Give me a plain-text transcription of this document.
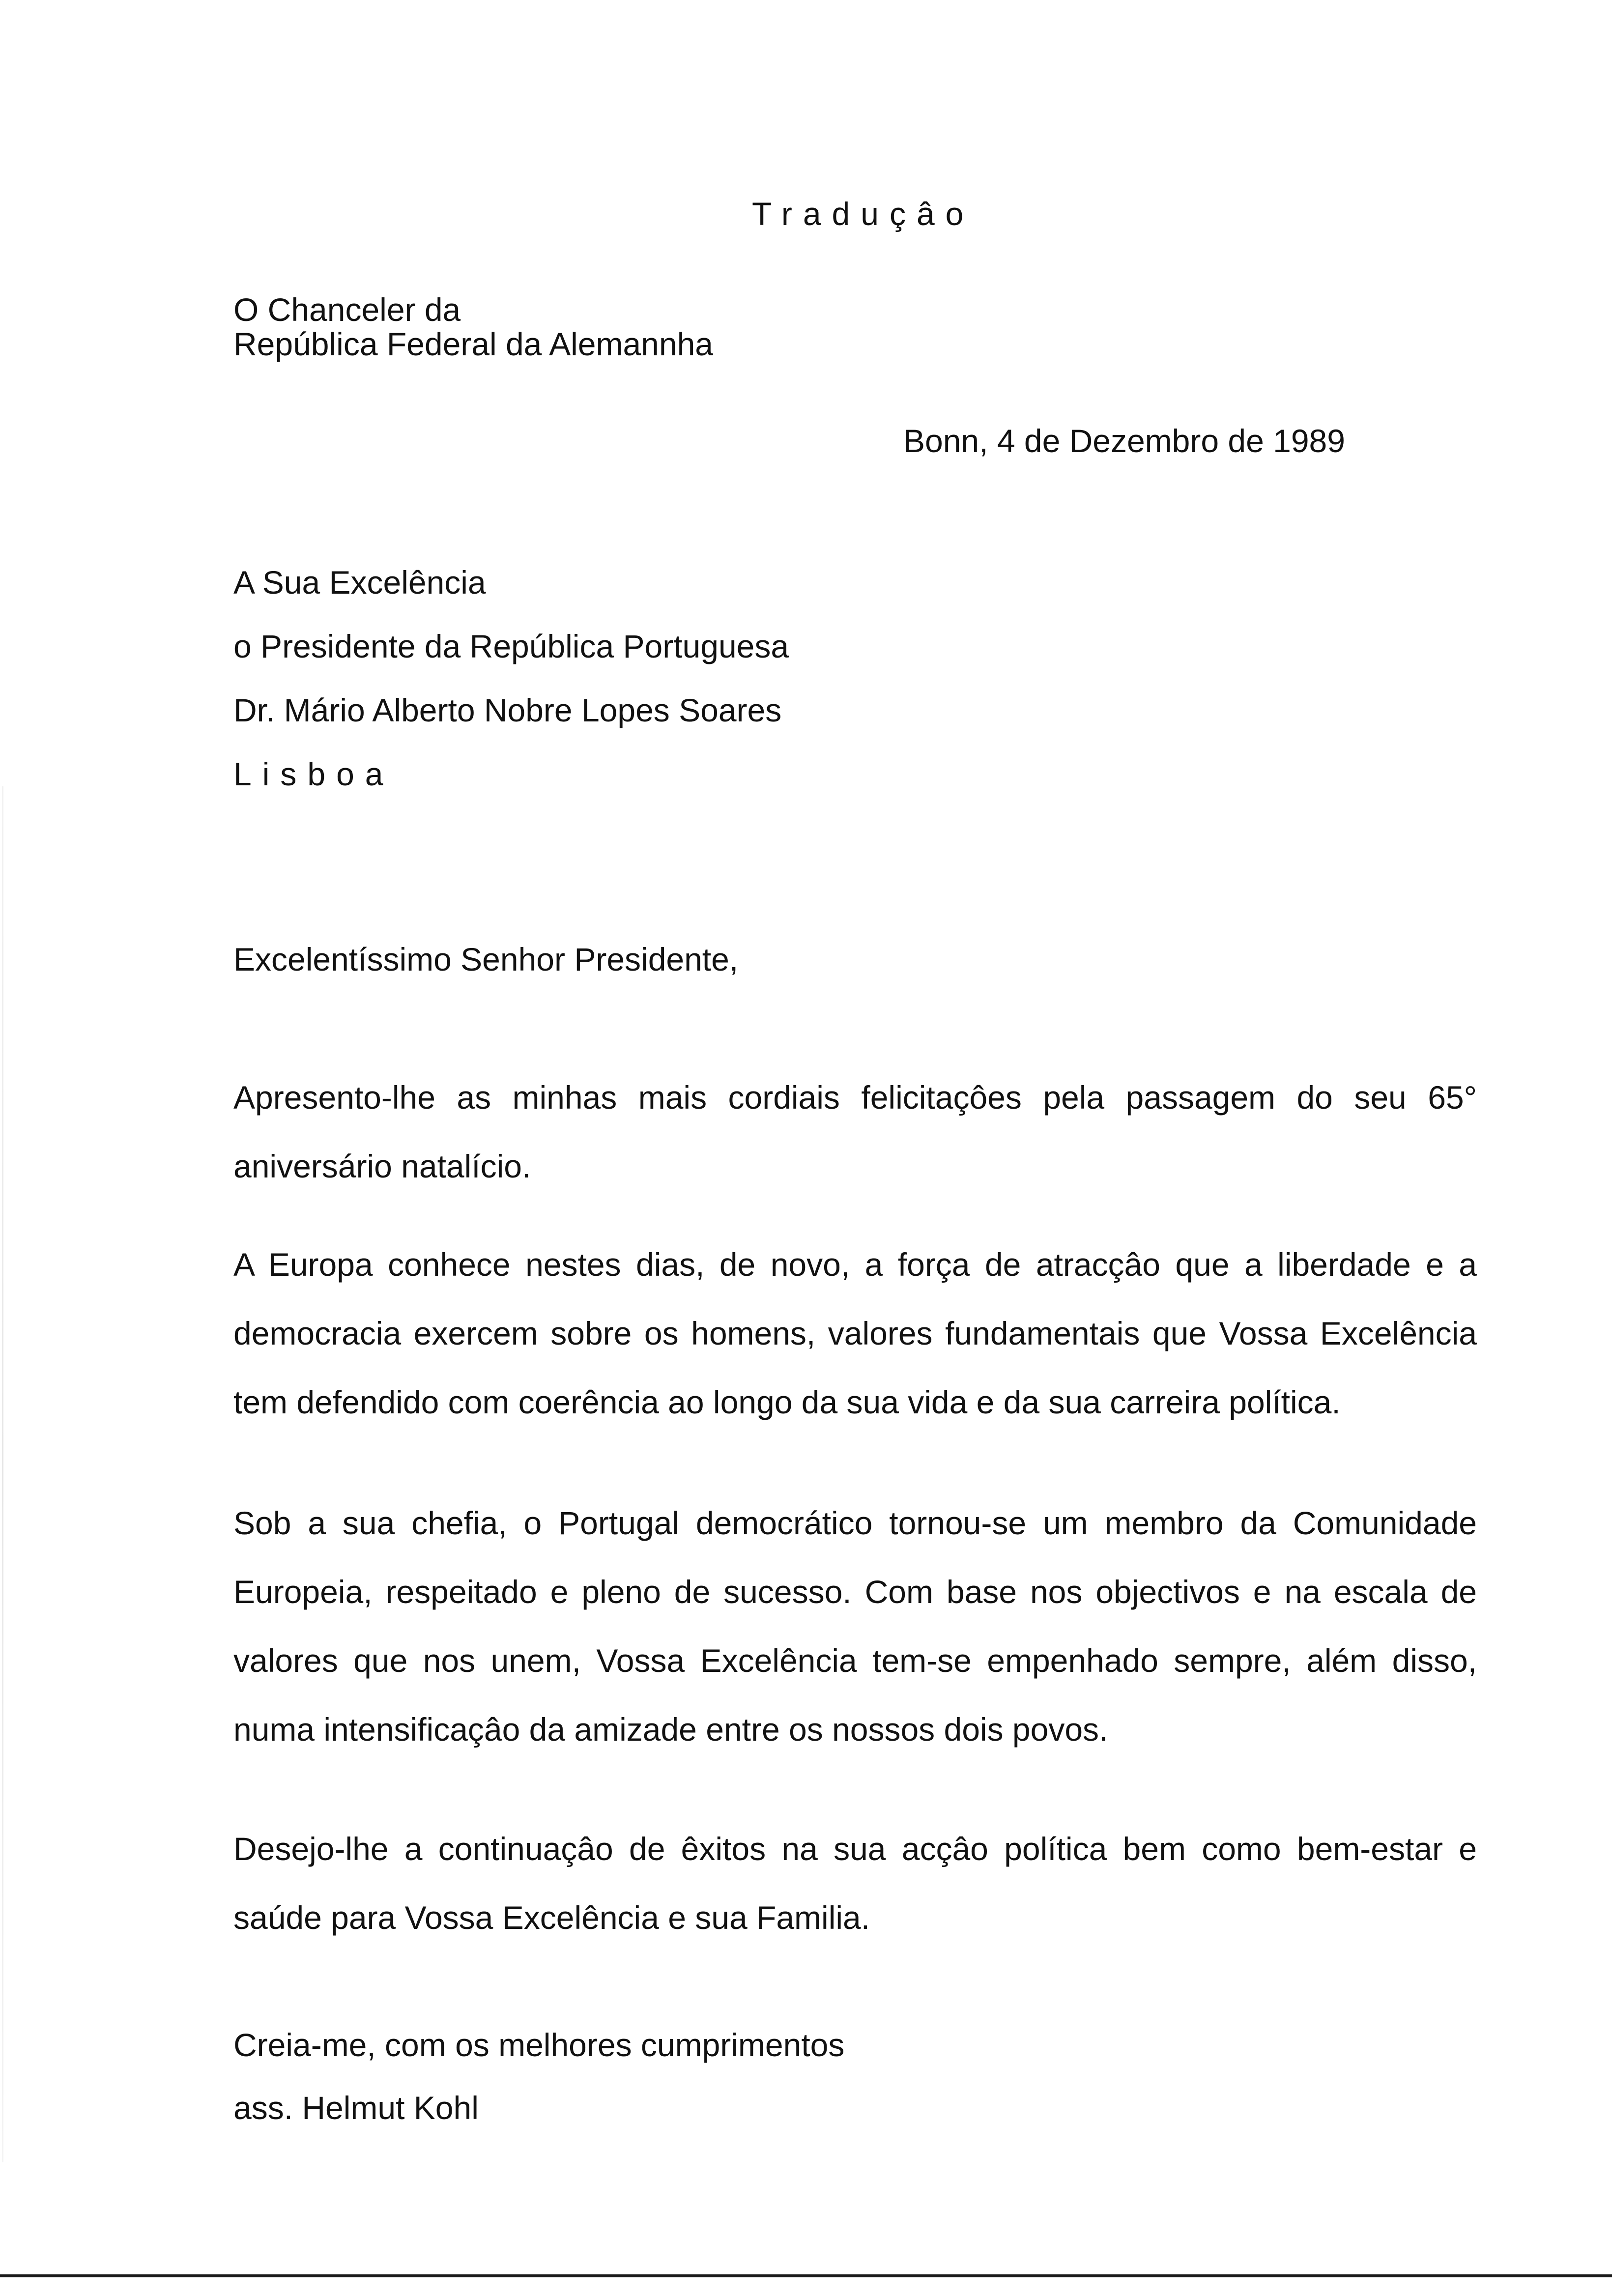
Traduçâo
O Chanceler da
República Federal da Alemannha
Bonn, 4 de Dezembro de 1989
A Sua Excelência
o Presidente da República Portuguesa
Dr. Mário Alberto Nobre Lopes Soares
Lisboa
Excelentíssimo Senhor Presidente,
Apresento-lhe as minhas mais cordiais felicitaçôes pela passagem do seu 65° aniversário natalício.
A Europa conhece nestes dias, de novo, a força de atracçâo que a liberdade e a democracia exercem sobre os homens, valores fundamentais que Vossa Excelência tem defendido com coerência ao longo da sua vida e da sua carreira política.
Sob a sua chefia, o Portugal democrático tornou-se um membro da Comunidade Europeia, respeitado e pleno de sucesso. Com base nos objectivos e na escala de valores que nos unem, Vossa Excelência tem-se empenhado sempre, além disso, numa intensificaçâo da amizade entre os nossos dois povos.
Desejo-lhe a continuaçâo de êxitos na sua acçâo política bem como bem-estar e saúde para Vossa Excelência e sua Familia.
Creia-me, com os melhores cumprimentos
ass. Helmut Kohl
